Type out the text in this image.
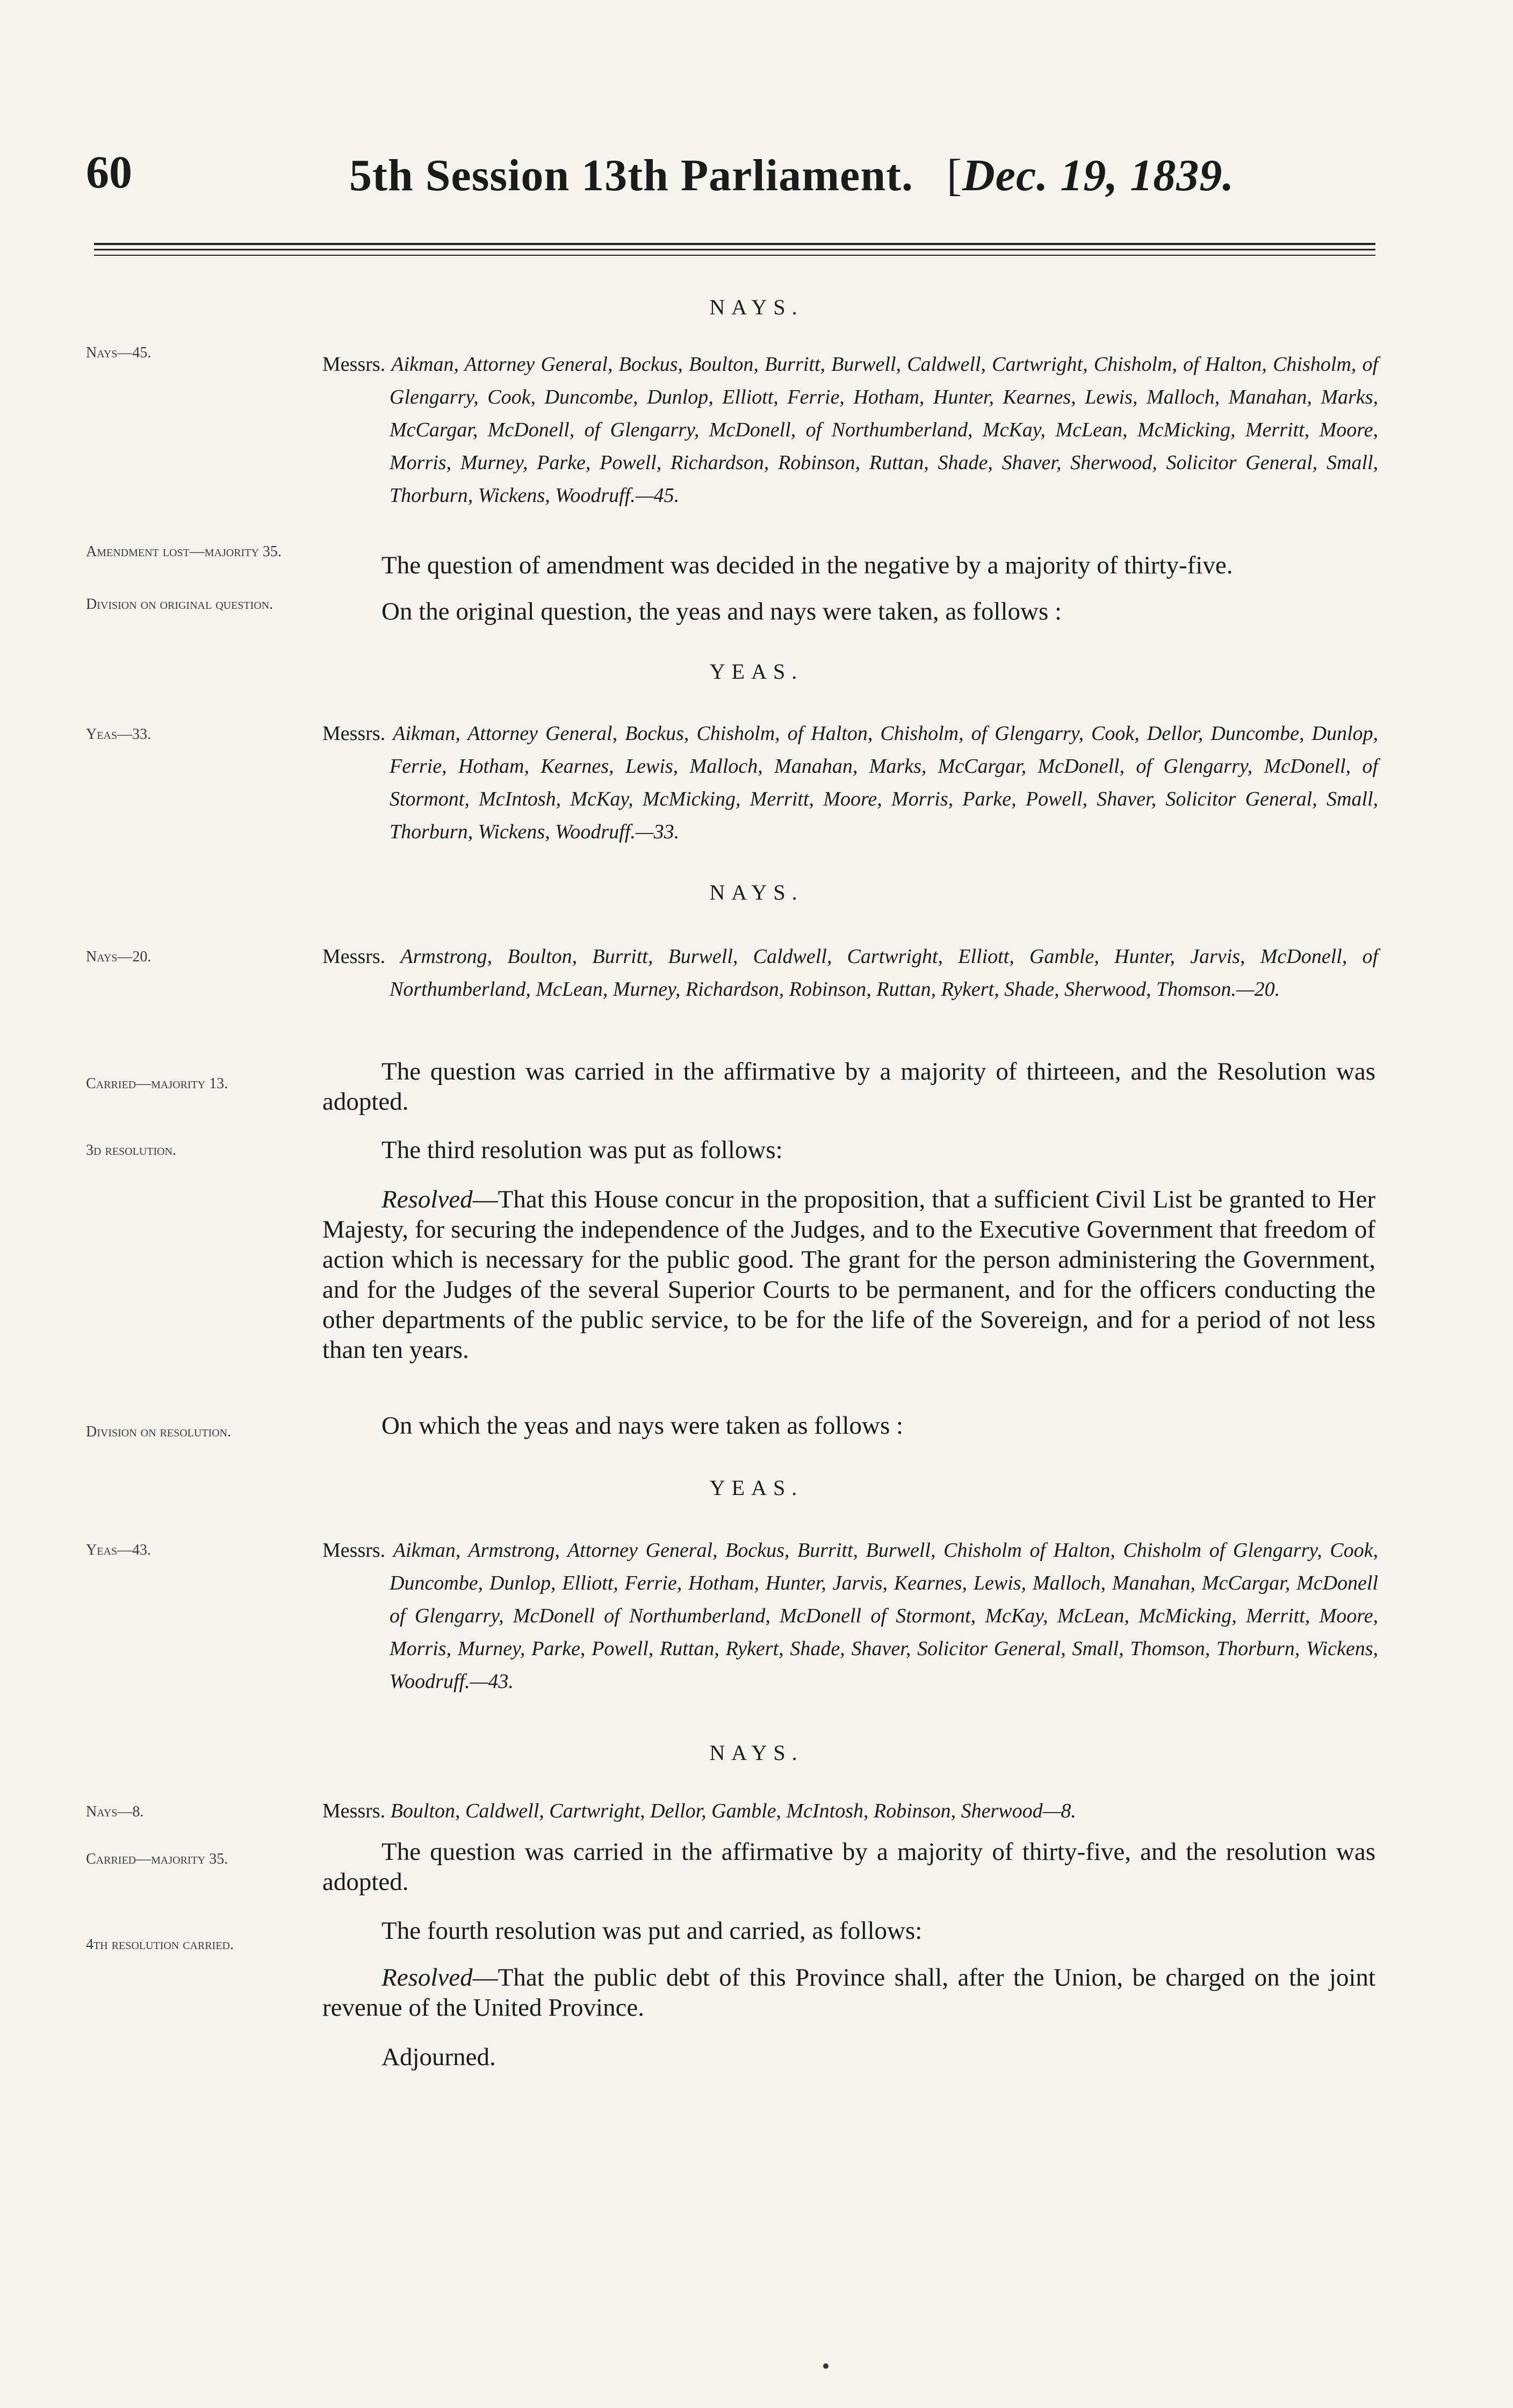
60	5th Session 13th Parliament. [Dec. 19, 1839.
NAYS.
Nays—45.
Messrs. Aikman, Attorney General, Bockus, Boulton, Burritt, Burwell, Caldwell, Cartwright, Chisholm, of Halton, Chisholm, of Glengarry, Cook, Duncombe, Dunlop, Elliott, Ferrie, Hotham, Hunter, Kearnes, Lewis, Malloch, Manahan, Marks, McCargar, McDonell, of Glengarry, McDonell, of Northumberland, McKay, McLean, McMicking, Merritt, Moore, Morris, Murney, Parke, Powell, Richardson, Robinson, Ruttan, Shade, Shaver, Sherwood, Solicitor General, Small, Thorburn, Wickens, Woodruff.—45.
Amendment lost—majority 35.	The question of amendment was decided in the negative by a majority of thirty-five.
Division on original question.	On the original question, the yeas and nays were taken, as follows :
YEAS.
Yeas—33.	Messrs. Aikman, Attorney General, Bockus, Chisholm, of Halton, Chisholm, of Glengarry, Cook, Dellor, Duncombe, Dunlop, Ferrie, Hotham, Kearnes, Lewis, Malloch, Manahan, Marks, McCargar, McDonell, of Glengarry, McDonell, of Stormont, McIntosh, McKay, McMicking, Merritt, Moore, Morris, Parke, Powell, Shaver, Solicitor General, Small, Thorburn, Wickens, Woodruff.—33.
NAYS.
Nays—20.	Messrs. Armstrong, Boulton, Burritt, Burwell, Caldwell, Cartwright, Elliott, Gamble, Hunter, Jarvis, McDonell, of Northumberland, McLean, Murney, Richardson, Robinson, Ruttan, Rykert, Shade, Sherwood, Thomson.—20.
Carried—majority 13.	The question was carried in the affirmative by a majority of thirteeen, and the Resolution was adopted.
3d resolution.	The third resolution was put as follows:
Resolved—That this House concur in the proposition, that a sufficient Civil List be granted to Her Majesty, for securing the independence of the Judges, and to the Executive Government that freedom of action which is necessary for the public good. The grant for the person administering the Government, and for the Judges of the several Superior Courts to be permanent, and for the officers conducting the other departments of the public service, to be for the life of the Sovereign, and for a period of not less than ten years.
Division on resolution.	On which the yeas and nays were taken as follows :
YEAS.
Yeas—43.	Messrs. Aikman, Armstrong, Attorney General, Bockus, Burritt, Burwell, Chisholm of Halton, Chisholm of Glengarry, Cook, Duncombe, Dunlop, Elliott, Ferrie, Hotham, Hunter, Jarvis, Kearnes, Lewis, Malloch, Manahan, McCargar, McDonell of Glengarry, McDonell of Northumberland, McDonell of Stormont, McKay, McLean, McMicking, Merritt, Moore, Morris, Murney, Parke, Powell, Ruttan, Rykert, Shade, Shaver, Solicitor General, Small, Thomson, Thorburn, Wickens, Woodruff.—43.
NAYS.
Nays—8.	Messrs. Boulton, Caldwell, Cartwright, Dellor, Gamble, McIntosh, Robinson, Sherwood—8.
Carried—majority 35.	The question was carried in the affirmative by a majority of thirty-five, and the resolution was adopted.
4th resolution carried.	The fourth resolution was put and carried, as follows:
Resolved—That the public debt of this Province shall, after the Union, be charged on the joint revenue of the United Province.
Adjourned.
